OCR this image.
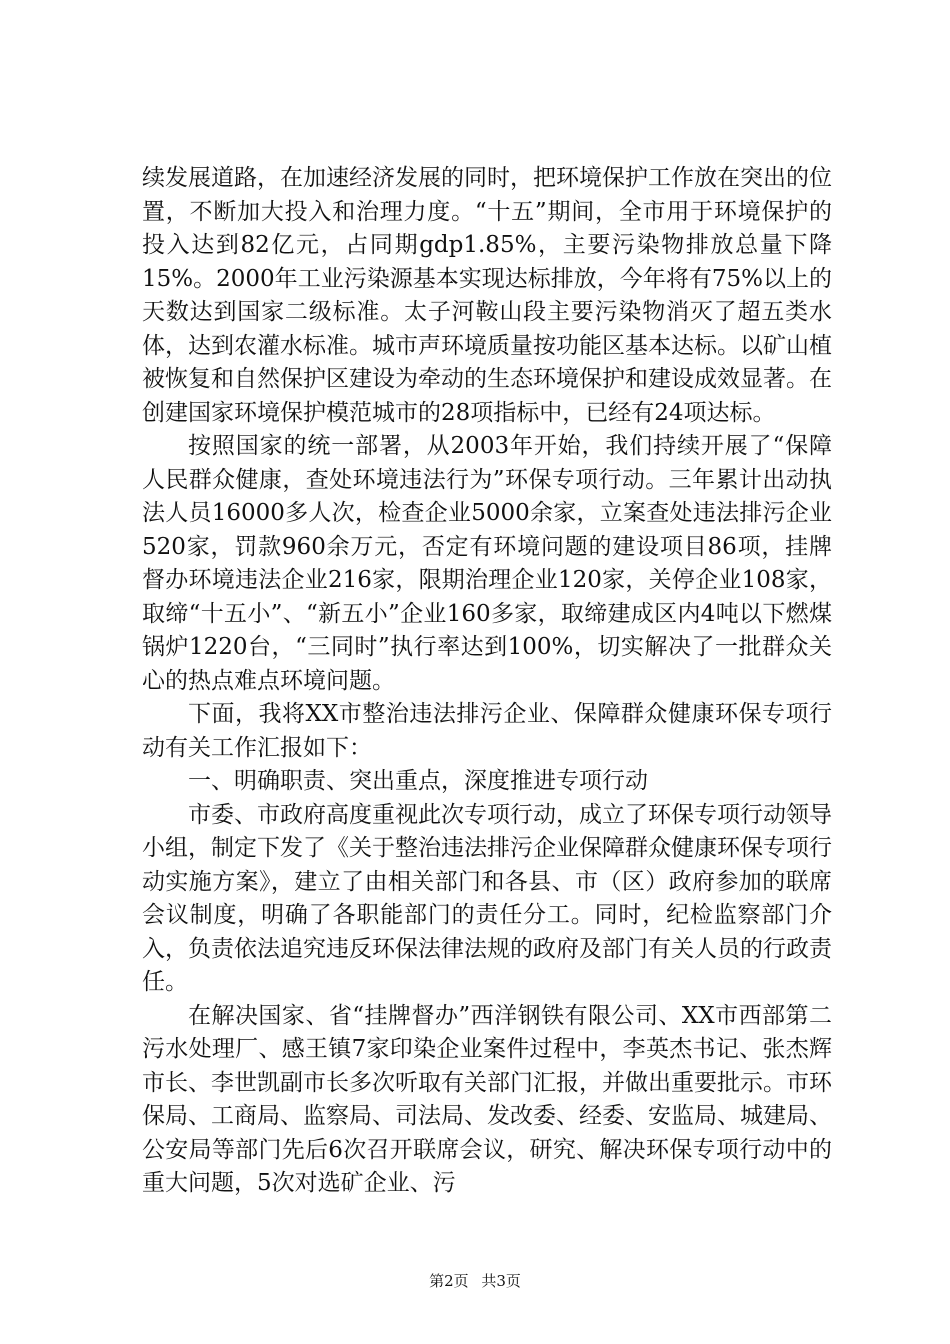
续发展道路，在加速经济发展的同时，把环境保护工作放在突出的位置，不断加大投入和治理力度。“十五”期间，全市用于环境保护的投入达到82亿元，占同期gdp1.85%，主要污染物排放总量下降15%。2000年工业污染源基本实现达标排放，今年将有75%以上的天数达到国家二级标准。太子河鞍山段主要污染物消灭了超五类水体，达到农灌水标准。城市声环境质量按功能区基本达标。以矿山植被恢复和自然保护区建设为牵动的生态环境保护和建设成效显著。在创建国家环境保护模范城市的28项指标中，已经有24项达标。

按照国家的统一部署，从2003年开始，我们持续开展了“保障人民群众健康，查处环境违法行为”环保专项行动。三年累计出动执法人员16000多人次，检查企业5000余家，立案查处违法排污企业520家，罚款960余万元，否定有环境问题的建设项目86项，挂牌督办环境违法企业216家，限期治理企业120家，关停企业108家，取缔“十五小”、“新五小”企业160多家，取缔建成区内4吨以下燃煤锅炉1220台，“三同时”执行率达到100%，切实解决了一批群众关心的热点难点环境问题。

下面，我将XX市整治违法排污企业、保障群众健康环保专项行动有关工作汇报如下：

一、明确职责、突出重点，深度推进专项行动

市委、市政府高度重视此次专项行动，成立了环保专项行动领导小组，制定下发了《关于整治违法排污企业保障群众健康环保专项行动实施方案》，建立了由相关部门和各县、市（区）政府参加的联席会议制度，明确了各职能部门的责任分工。同时，纪检监察部门介入，负责依法追究违反环保法律法规的政府及部门有关人员的行政责任。

在解决国家、省“挂牌督办”西洋钢铁有限公司、XX市西部第二污水处理厂、感王镇7家印染企业案件过程中，李英杰书记、张杰辉市长、李世凯副市长多次听取有关部门汇报，并做出重要批示。市环保局、工商局、监察局、司法局、发改委、经委、安监局、城建局、公安局等部门先后6次召开联席会议，研究、解决环保专项行动中的重大问题，5次对选矿企业、污

第2页 共3页
